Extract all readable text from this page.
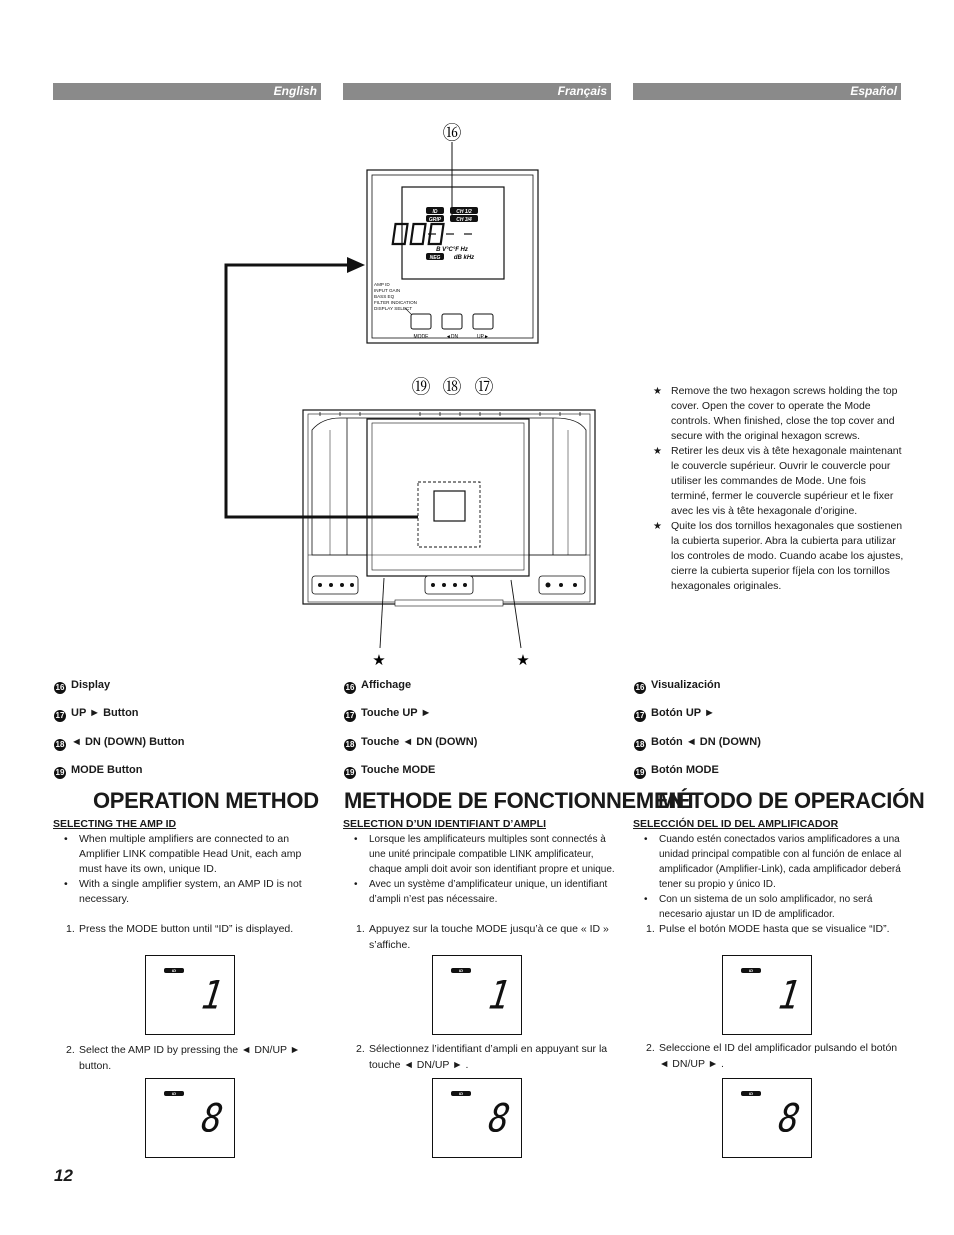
English	Français	Español
ID	CH 1/2
GRIP	CH 3/4
B V°C°F Hz
NEG dB kHz
AMP ID
INPUT GAIN
BASS EQ
FILTER INDICATION
DISPLAY SELECT
MODE	◄DN	UP►
⑯
⑲ ⑱ ⑰
★	★
★ Remove the two hexagon screws holding the top cover. Open the cover to operate the Mode controls. When finished, close the top cover and secure with the original hexagon screws.
★ Retirer les deux vis à tête hexagonale maintenant le couvercle supérieur. Ouvrir le couvercle pour utiliser les commandes de Mode. Une fois terminé, fermer le couvercle supérieur et le fixer avec les vis à tête hexagonale d’origine.
★ Quite los dos tornillos hexagonales que sostienen la cubierta superior. Abra la cubierta para utilizar los controles de modo. Cuando acabe los ajustes, cierre la cubierta superior fíjela con los tornillos hexagonales originales.
16 Display
17 UP ► Button
18 ◄ DN (DOWN) Button
19 MODE Button
16 Affichage
17 Touche UP ►
18 Touche ◄ DN (DOWN)
19 Touche MODE
16 Visualización
17 Botón UP ►
18 Botón ◄ DN (DOWN)
19 Botón MODE
OPERATION METHOD
SELECTING THE AMP ID
• When multiple amplifiers are connected to an Amplifier LINK compatible Head Unit, each amp must have its own, unique ID.
• With a single amplifier system, an AMP ID is not necessary.
1. Press the MODE button until “ID” is displayed.
ID
1
2. Select the AMP ID by pressing the ◄ DN/UP ► button.
ID
8
METHODE DE FONCTIONNEMENT
SELECTION D’UN IDENTIFIANT D’AMPLI
• Lorsque les amplificateurs multiples sont connectés à une unité principale compatible LINK amplificateur, chaque ampli doit avoir son identifiant propre et unique.
• Avec un système d’amplificateur unique, un identifiant d’ampli n’est pas nécessaire.
1. Appuyez sur la touche MODE jusqu’à ce que « ID » s’affiche.
ID
1
2. Sélectionnez l’identifiant d’ampli en appuyant sur la touche ◄ DN/UP ► .
ID
8
MÉTODO DE OPERACIÓN
SELECCIÓN DEL ID DEL AMPLIFICADOR
• Cuando estén conectados varios amplificadores a una unidad principal compatible con al función de enlace al amplificador (Amplifier-Link), cada amplificador deberá tener su propio y único ID.
• Con un sistema de un solo amplificador, no será necesario ajustar un ID de amplificador.
1. Pulse el botón MODE hasta que se visualice “ID”.
ID
1
2. Seleccione el ID del amplificador pulsando el botón ◄ DN/UP ► .
ID
8
12
